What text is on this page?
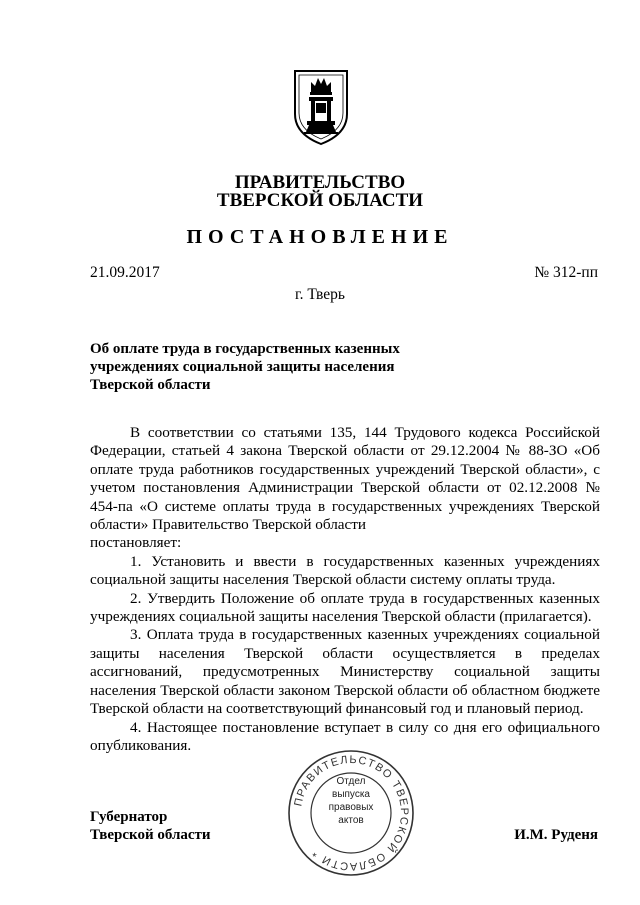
ПРАВИТЕЛЬСТВО
ТВЕРСКОЙ ОБЛАСТИ
ПОСТАНОВЛЕНИЕ
21.09.2017	№ 312-пп
г. Тверь
Об оплате труда в государственных казенных
учреждениях социальной защиты населения
Тверской области

В соответствии со статьями 135, 144 Трудового кодекса Российской Федерации, статьей 4 закона Тверской области от 29.12.2004 № 88-ЗО «Об оплате труда работников государственных учреждений Тверской области», с учетом постановления Администрации Тверской области от 02.12.2008 № 454-па «О системе оплаты труда в государственных учреждениях Тверской области» Правительство Тверской области

постановляет:

1. Установить и ввести в государственных казенных учреждениях социальной защиты населения Тверской области систему оплаты труда.

2. Утвердить Положение об оплате труда в государственных казенных учреждениях социальной защиты населения Тверской области (прилагается).

3. Оплата труда в государственных казенных учреждениях социальной защиты населения Тверской области осуществляется в пределах ассигнований, предусмотренных Министерству социальной защиты населения Тверской области законом Тверской области об областном бюджете Тверской области на соответствующий финансовый год и плановый период.

4. Настоящее постановление вступает в силу со дня его официального опубликования.

ПРАВИТЕЛЬСТВО ТВЕРСКОЙ ОБЛАСТИ *
Отдел
выпуска
правовых
актов
Губернатор
Тверской области	И.М. Руденя
